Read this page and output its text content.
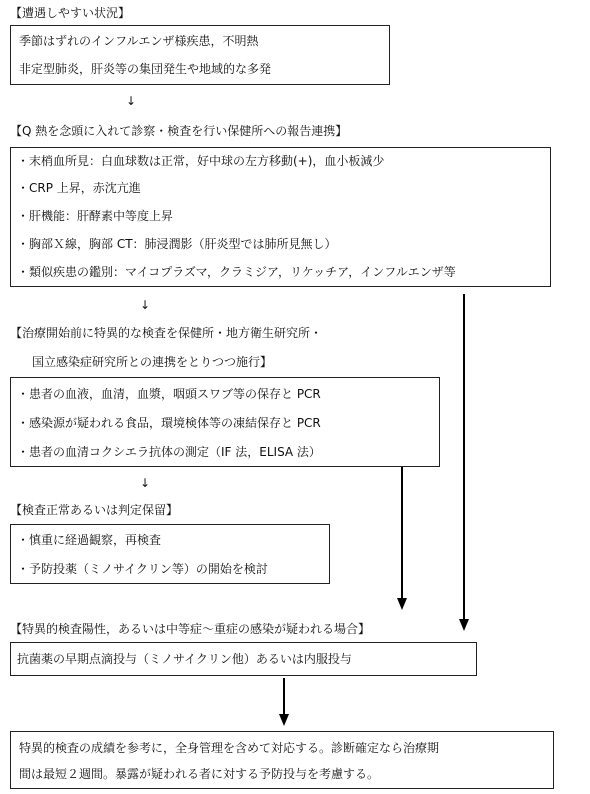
【遭遇しやすい状況】
季節はずれのインフルエンザ様疾患，不明熱
非定型肺炎，肝炎等の集団発生や地域的な多発
↓
【Q 熱を念頭に入れて診察・検査を行い保健所への報告連携】
・末梢血所見：白血球数は正常，好中球の左方移動(+)，血小板減少
・CRP 上昇，赤沈亢進
・肝機能：肝酵素中等度上昇
・胸部Ｘ線，胸部 CT：肺浸潤影（肝炎型では肺所見無し）
・類似疾患の鑑別：マイコプラズマ，クラミジア，リケッチア，インフルエンザ等
↓
【治療開始前に特異的な検査を保健所・地方衛生研究所・
国立感染症研究所との連携をとりつつ施行】
・患者の血液，血清，血漿，咽頭スワブ等の保存と PCR
・感染源が疑われる食品，環境検体等の凍結保存と PCR
・患者の血清コクシエラ抗体の測定（IF 法，ELISA 法）
↓
【検査正常あるいは判定保留】
・慎重に経過観察，再検査
・予防投薬（ミノサイクリン等）の開始を検討
【特異的検査陽性，あるいは中等症～重症の感染が疑われる場合】
抗菌薬の早期点滴投与（ミノサイクリン他）あるいは内服投与
特異的検査の成績を参考に，全身管理を含めて対応する。診断確定なら治療期
間は最短２週間。暴露が疑われる者に対する予防投与を考慮する。
